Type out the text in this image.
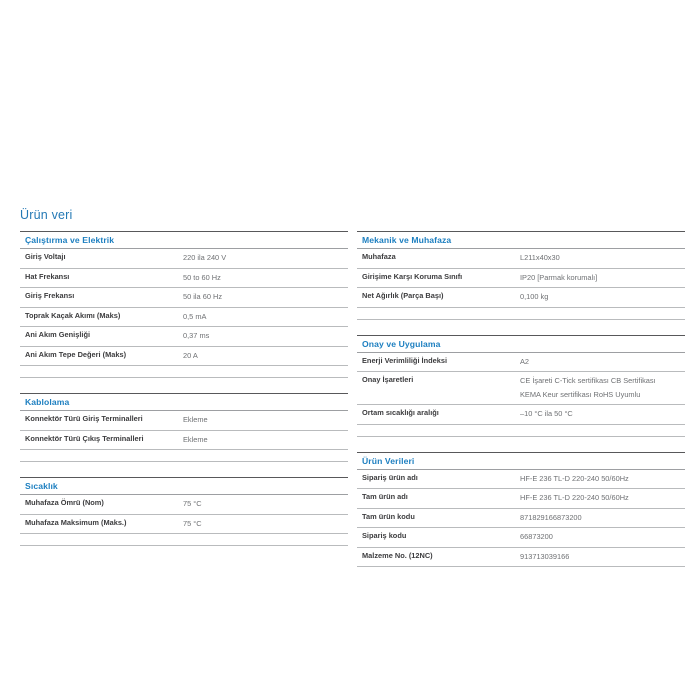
Ürün veri
Çalıştırma ve Elektrik
Giriş Voltajı	220 ila 240 V
Hat Frekansı	50 to 60 Hz
Giriş Frekansı	50 ila 60 Hz
Toprak Kaçak Akımı (Maks)	0,5 mA
Ani Akım Genişliği	0,37 ms
Ani Akım Tepe Değeri (Maks)	20 A
Kablolama
Konnektör Türü Giriş Terminalleri	Ekleme
Konnektör Türü Çıkış Terminalleri	Ekleme
Sıcaklık
Muhafaza Ömrü (Nom)	75 °C
Muhafaza Maksimum (Maks.)	75 °C
Mekanik ve Muhafaza
Muhafaza	L211x40x30
Girişime Karşı Koruma Sınıfı	IP20 [Parmak korumalı]
Net Ağırlık (Parça Başı)	0,100 kg
Onay ve Uygulama
Enerji Verimliliği İndeksi	A2
Onay İşaretleri	CE İşareti C-Tick sertifikası CB Sertifikası
KEMA Keur sertifikası RoHS Uyumlu
Ortam sıcaklığı aralığı	–10 °C ila 50 °C
Ürün Verileri
Sipariş ürün adı	HF-E 236 TL-D 220-240 50/60Hz
Tam ürün adı	HF-E 236 TL-D 220-240 50/60Hz
Tam ürün kodu	871829166873200
Sipariş kodu	66873200
Malzeme No. (12NC)	913713039166
